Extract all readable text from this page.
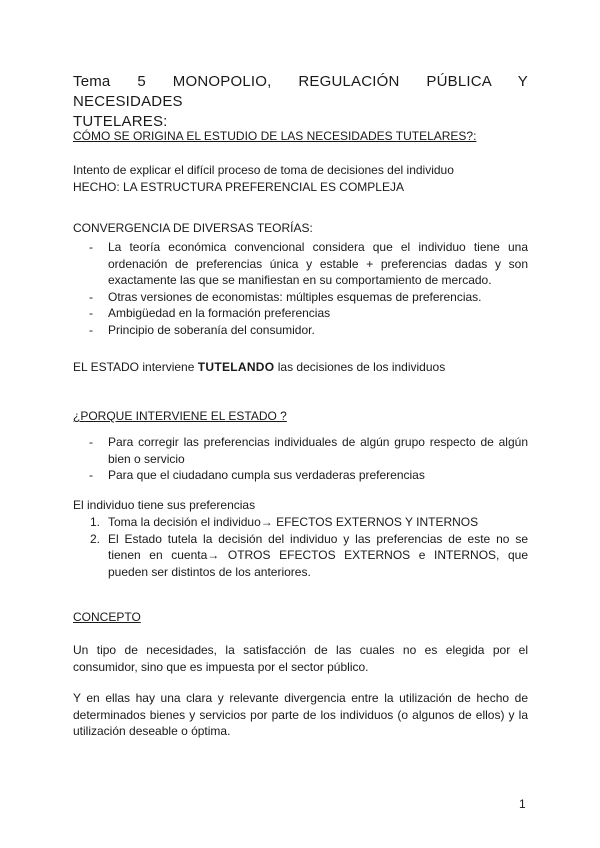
Tema 5 MONOPOLIO, REGULACIÓN PÚBLICA Y NECESIDADES
TUTELARES:

CÓMO SE ORIGINA EL ESTUDIO DE LAS NECESIDADES TUTELARES?:

Intento de explicar el difícil proceso de toma de decisiones del individuo

HECHO: LA ESTRUCTURA PREFERENCIAL ES COMPLEJA

CONVERGENCIA DE DIVERSAS TEORÍAS:

- La teoría económica convencional considera que el individuo tiene una ordenación de preferencias única y estable + preferencias dadas y son exactamente las que se manifiestan en su comportamiento de mercado.
- Otras versiones de economistas: múltiples esquemas de preferencias.
- Ambigüedad en la formación preferencias
- Principio de soberanía del consumidor.

EL ESTADO interviene TUTELANDO las decisiones de los individuos

¿PORQUE INTERVIENE EL ESTADO ?

- Para corregir las preferencias individuales de algún grupo respecto de algún bien o servicio
- Para que el ciudadano cumpla sus verdaderas preferencias

El individuo tiene sus preferencias

1. Toma la decisión el individuo→ EFECTOS EXTERNOS Y INTERNOS
2. El Estado tutela la decisión del individuo y las preferencias de este no se tienen en cuenta→ OTROS EFECTOS EXTERNOS e INTERNOS, que pueden ser distintos de los anteriores.

CONCEPTO

Un tipo de necesidades, la satisfacción de las cuales no es elegida por el consumidor, sino que es impuesta por el sector público.

Y en ellas hay una clara y relevante divergencia entre la utilización de hecho de determinados bienes y servicios por parte de los individuos (o algunos de ellos) y la utilización deseable o óptima.

1
